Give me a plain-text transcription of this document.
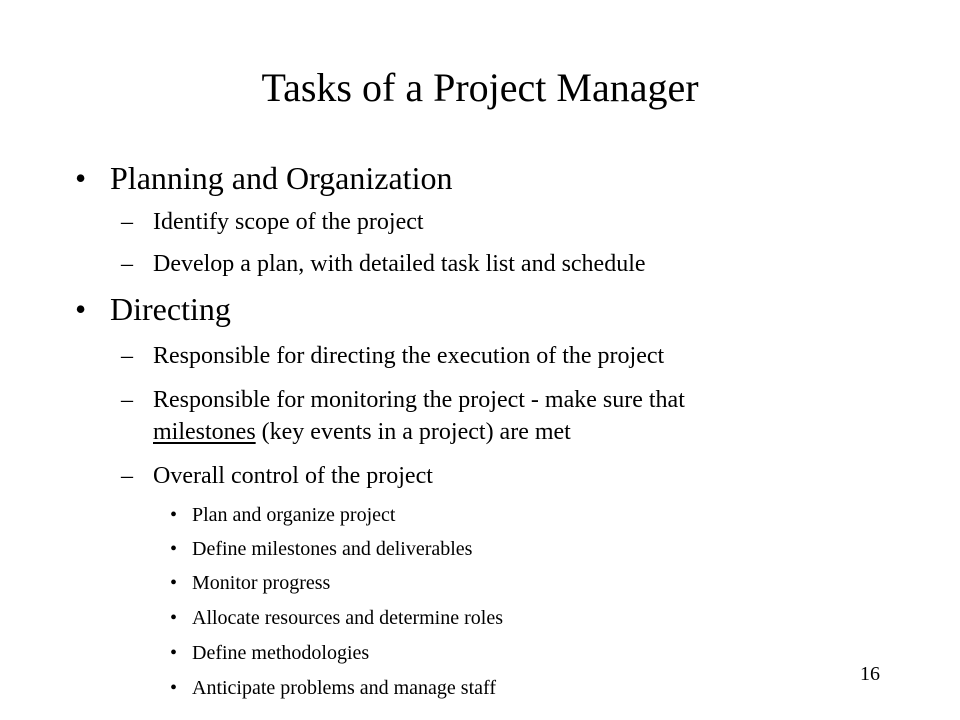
Tasks of a Project Manager
• Planning and Organization
– Identify scope of the project
– Develop a plan, with detailed task list and schedule
• Directing
– Responsible for directing the execution of the project
– Responsible for monitoring the project - make sure that
milestones (key events in a project) are met
– Overall control of the project
• Plan and organize project
• Define milestones and deliverables
• Monitor progress
• Allocate resources and determine roles
• Define methodologies
• Anticipate problems and manage staff
16
